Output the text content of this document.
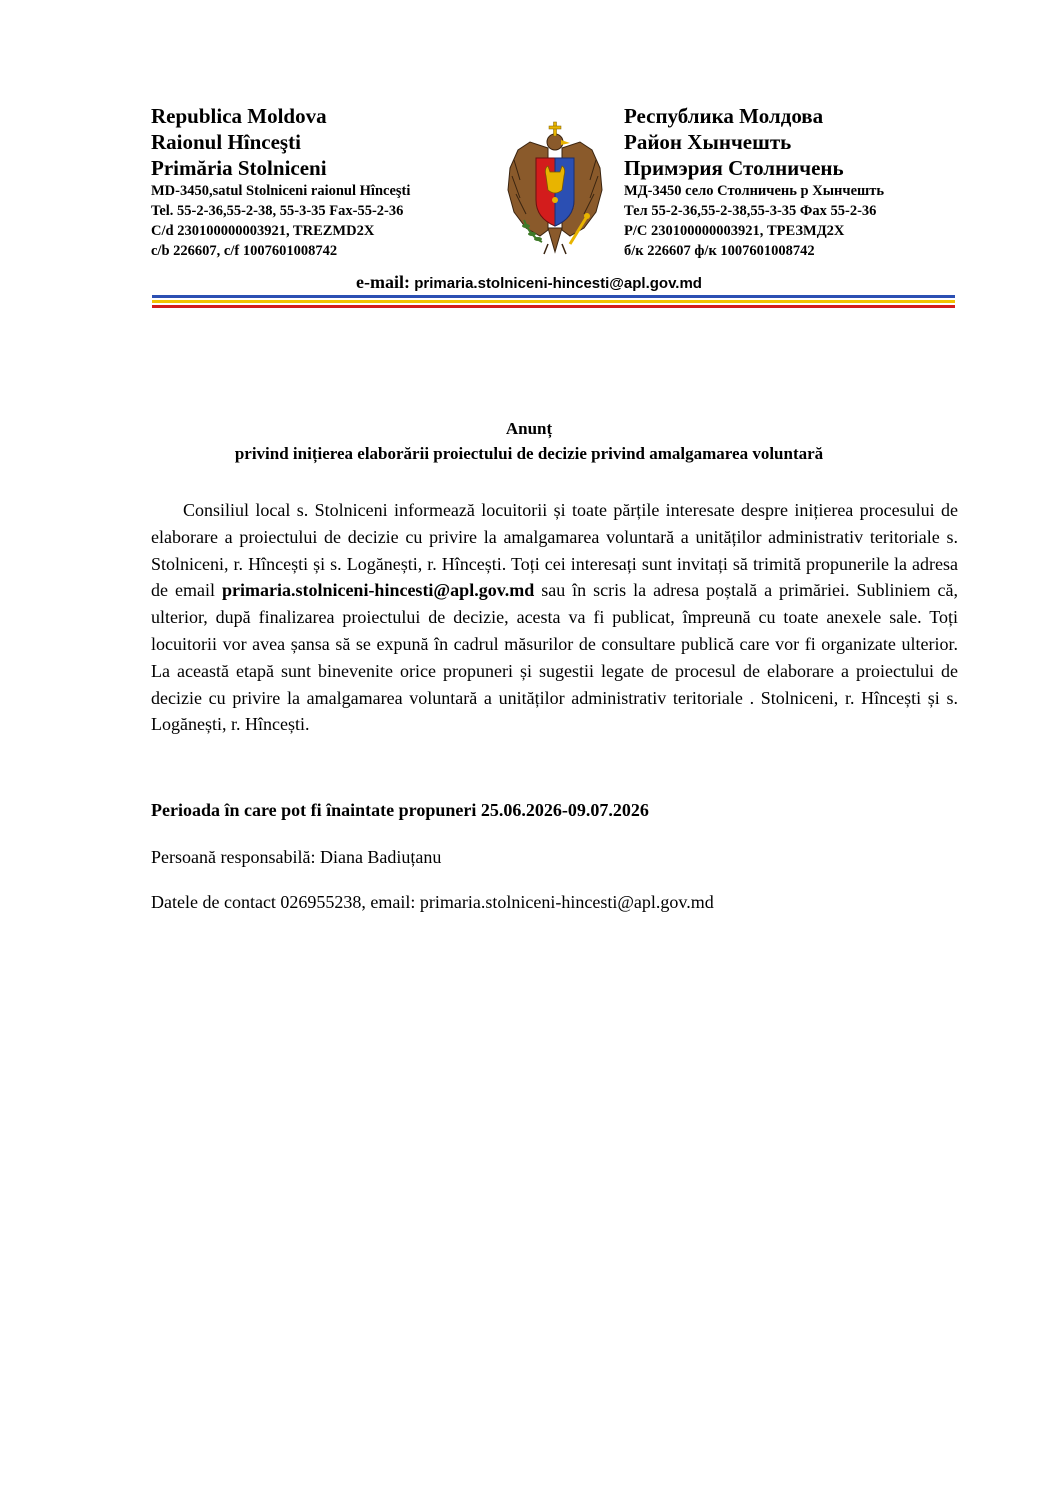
Republica Moldova
Raionul Hînceşti
Primăria Stolniceni
MD-3450,satul Stolniceni raionul Hînceşti
Tel. 55-2-36,55-2-38, 55-3-35 Fax-55-2-36
C/d 230100000003921, TREZMD2X
c/b 226607, c/f 1007601008742
Республика Молдова
Район Хынчешть
Примэрия Столничень
МД-3450 село Столничень р Хынчешть
Тел 55-2-36,55-2-38,55-3-35 Фах 55-2-36
Р/С 230100000003921, ТРЕЗМД2Х
б/к 226607 ф/к 1007601008742
e-mail: primaria.stolniceni-hincesti@apl.gov.md
Anunț
privind inițierea elaborării proiectului de decizie privind amalgamarea voluntară
Consiliul local s. Stolniceni informează locuitorii și toate părțile interesate despre inițierea procesului de elaborare a proiectului de decizie cu privire la amalgamarea voluntară a unităților administrativ teritoriale s. Stolniceni, r. Hîncești și s. Logănești, r. Hîncești. Toți cei interesați sunt invitați să trimită propunerile la adresa de email primaria.stolniceni-hincesti@apl.gov.md sau în scris la adresa poștală a primăriei. Subliniem că, ulterior, după finalizarea proiectului de decizie, acesta va fi publicat, împreună cu toate anexele sale. Toți locuitorii vor avea șansa să se expună în cadrul măsurilor de consultare publică care vor fi organizate ulterior. La această etapă sunt binevenite orice propuneri și sugestii legate de procesul de elaborare a proiectului de decizie cu privire la amalgamarea voluntară a unităților administrativ teritoriale . Stolniceni, r. Hîncești și s. Logănești, r. Hîncești.
Perioada în care pot fi înaintate propuneri 25.06.2026-09.07.2026
Persoană responsabilă: Diana Badiuțanu
Datele de contact 026955238, email: primaria.stolniceni-hincesti@apl.gov.md
